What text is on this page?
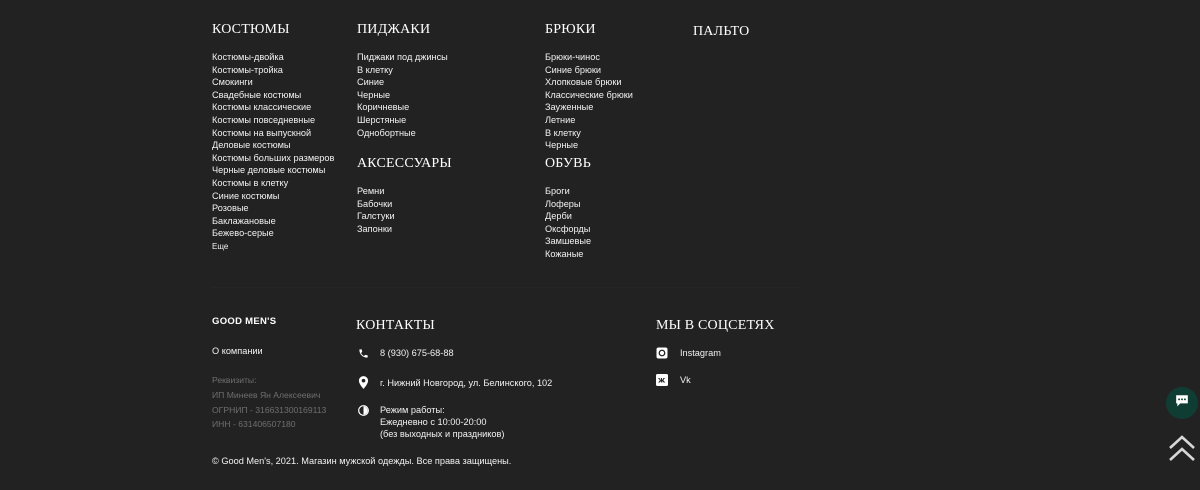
КОСТЮМЫ
Костюмы-двойка
Костюмы-тройка
Смокинги
Свадебные костюмы
Костюмы классические
Костюмы повседневные
Костюмы на выпускной
Деловые костюмы
Костюмы больших размеров
Черные деловые костюмы
Костюмы в клетку
Синие костюмы
Розовые
Баклажановые
Бежево-серые
Еще
ПИДЖАКИ
Пиджаки под джинсы
В клетку
Синие
Черные
Коричневые
Шерстяные
Однобортные
АКСЕССУАРЫ
Ремни
Бабочки
Галстуки
Запонки
БРЮКИ
Брюки-чинос
Синие брюки
Хлопковые брюки
Классические брюки
Зауженные
Летние
В клетку
Черные
ОБУВЬ
Броги
Лоферы
Дерби
Оксфорды
Замшевые
Кожаные
ПАЛЬТО
GOOD MEN'S
О компании
Реквизиты:
ИП Минеев Ян Алексеевич
ОГРНИП - 316631300169113
ИНН - 631406507180
КОНТАКТЫ
8 (930) 675-68-88
г. Нижний Новгород, ул. Белинского, 102
Режим работы:
Ежедневно с 10:00-20:00
(без выходных и праздников)
МЫ В СОЦСЕТЯХ
Instagram
Vk
© Good Men's, 2021. Магазин мужской одежды. Все права защищены.
